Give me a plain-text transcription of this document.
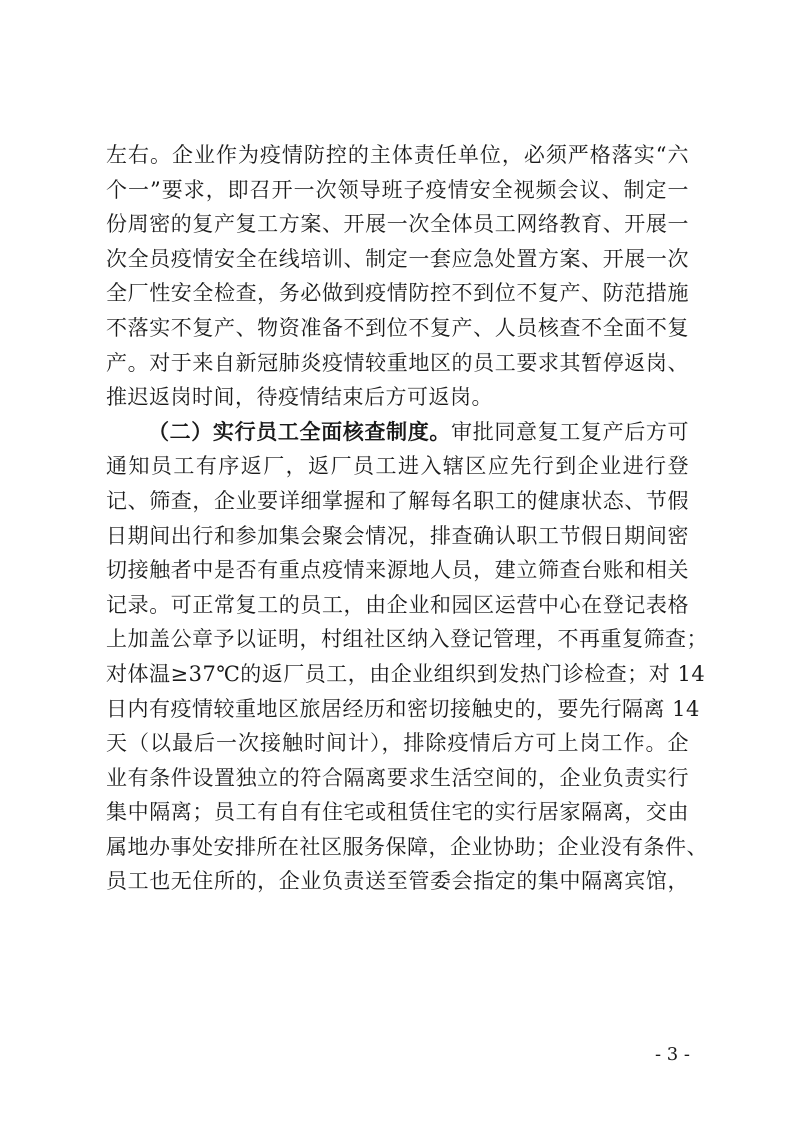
左右。企业作为疫情防控的主体责任单位，必须严格落实“六
个一”要求，即召开一次领导班子疫情安全视频会议、制定一
份周密的复产复工方案、开展一次全体员工网络教育、开展一
次全员疫情安全在线培训、制定一套应急处置方案、开展一次
全厂性安全检查，务必做到疫情防控不到位不复产、防范措施
不落实不复产、物资准备不到位不复产、人员核查不全面不复
产。对于来自新冠肺炎疫情较重地区的员工要求其暂停返岗、
推迟返岗时间，待疫情结束后方可返岗。
（二）实行员工全面核查制度。审批同意复工复产后方可
通知员工有序返厂，返厂员工进入辖区应先行到企业进行登
记、筛查，企业要详细掌握和了解每名职工的健康状态、节假
日期间出行和参加集会聚会情况，排查确认职工节假日期间密
切接触者中是否有重点疫情来源地人员，建立筛查台账和相关
记录。可正常复工的员工，由企业和园区运营中心在登记表格
上加盖公章予以证明，村组社区纳入登记管理，不再重复筛查；
对体温≥37℃的返厂员工，由企业组织到发热门诊检查；对 14
日内有疫情较重地区旅居经历和密切接触史的，要先行隔离 14
天（以最后一次接触时间计），排除疫情后方可上岗工作。企
业有条件设置独立的符合隔离要求生活空间的，企业负责实行
集中隔离；员工有自有住宅或租赁住宅的实行居家隔离，交由
属地办事处安排所在社区服务保障，企业协助；企业没有条件、
员工也无住所的，企业负责送至管委会指定的集中隔离宾馆，
- 3 -
